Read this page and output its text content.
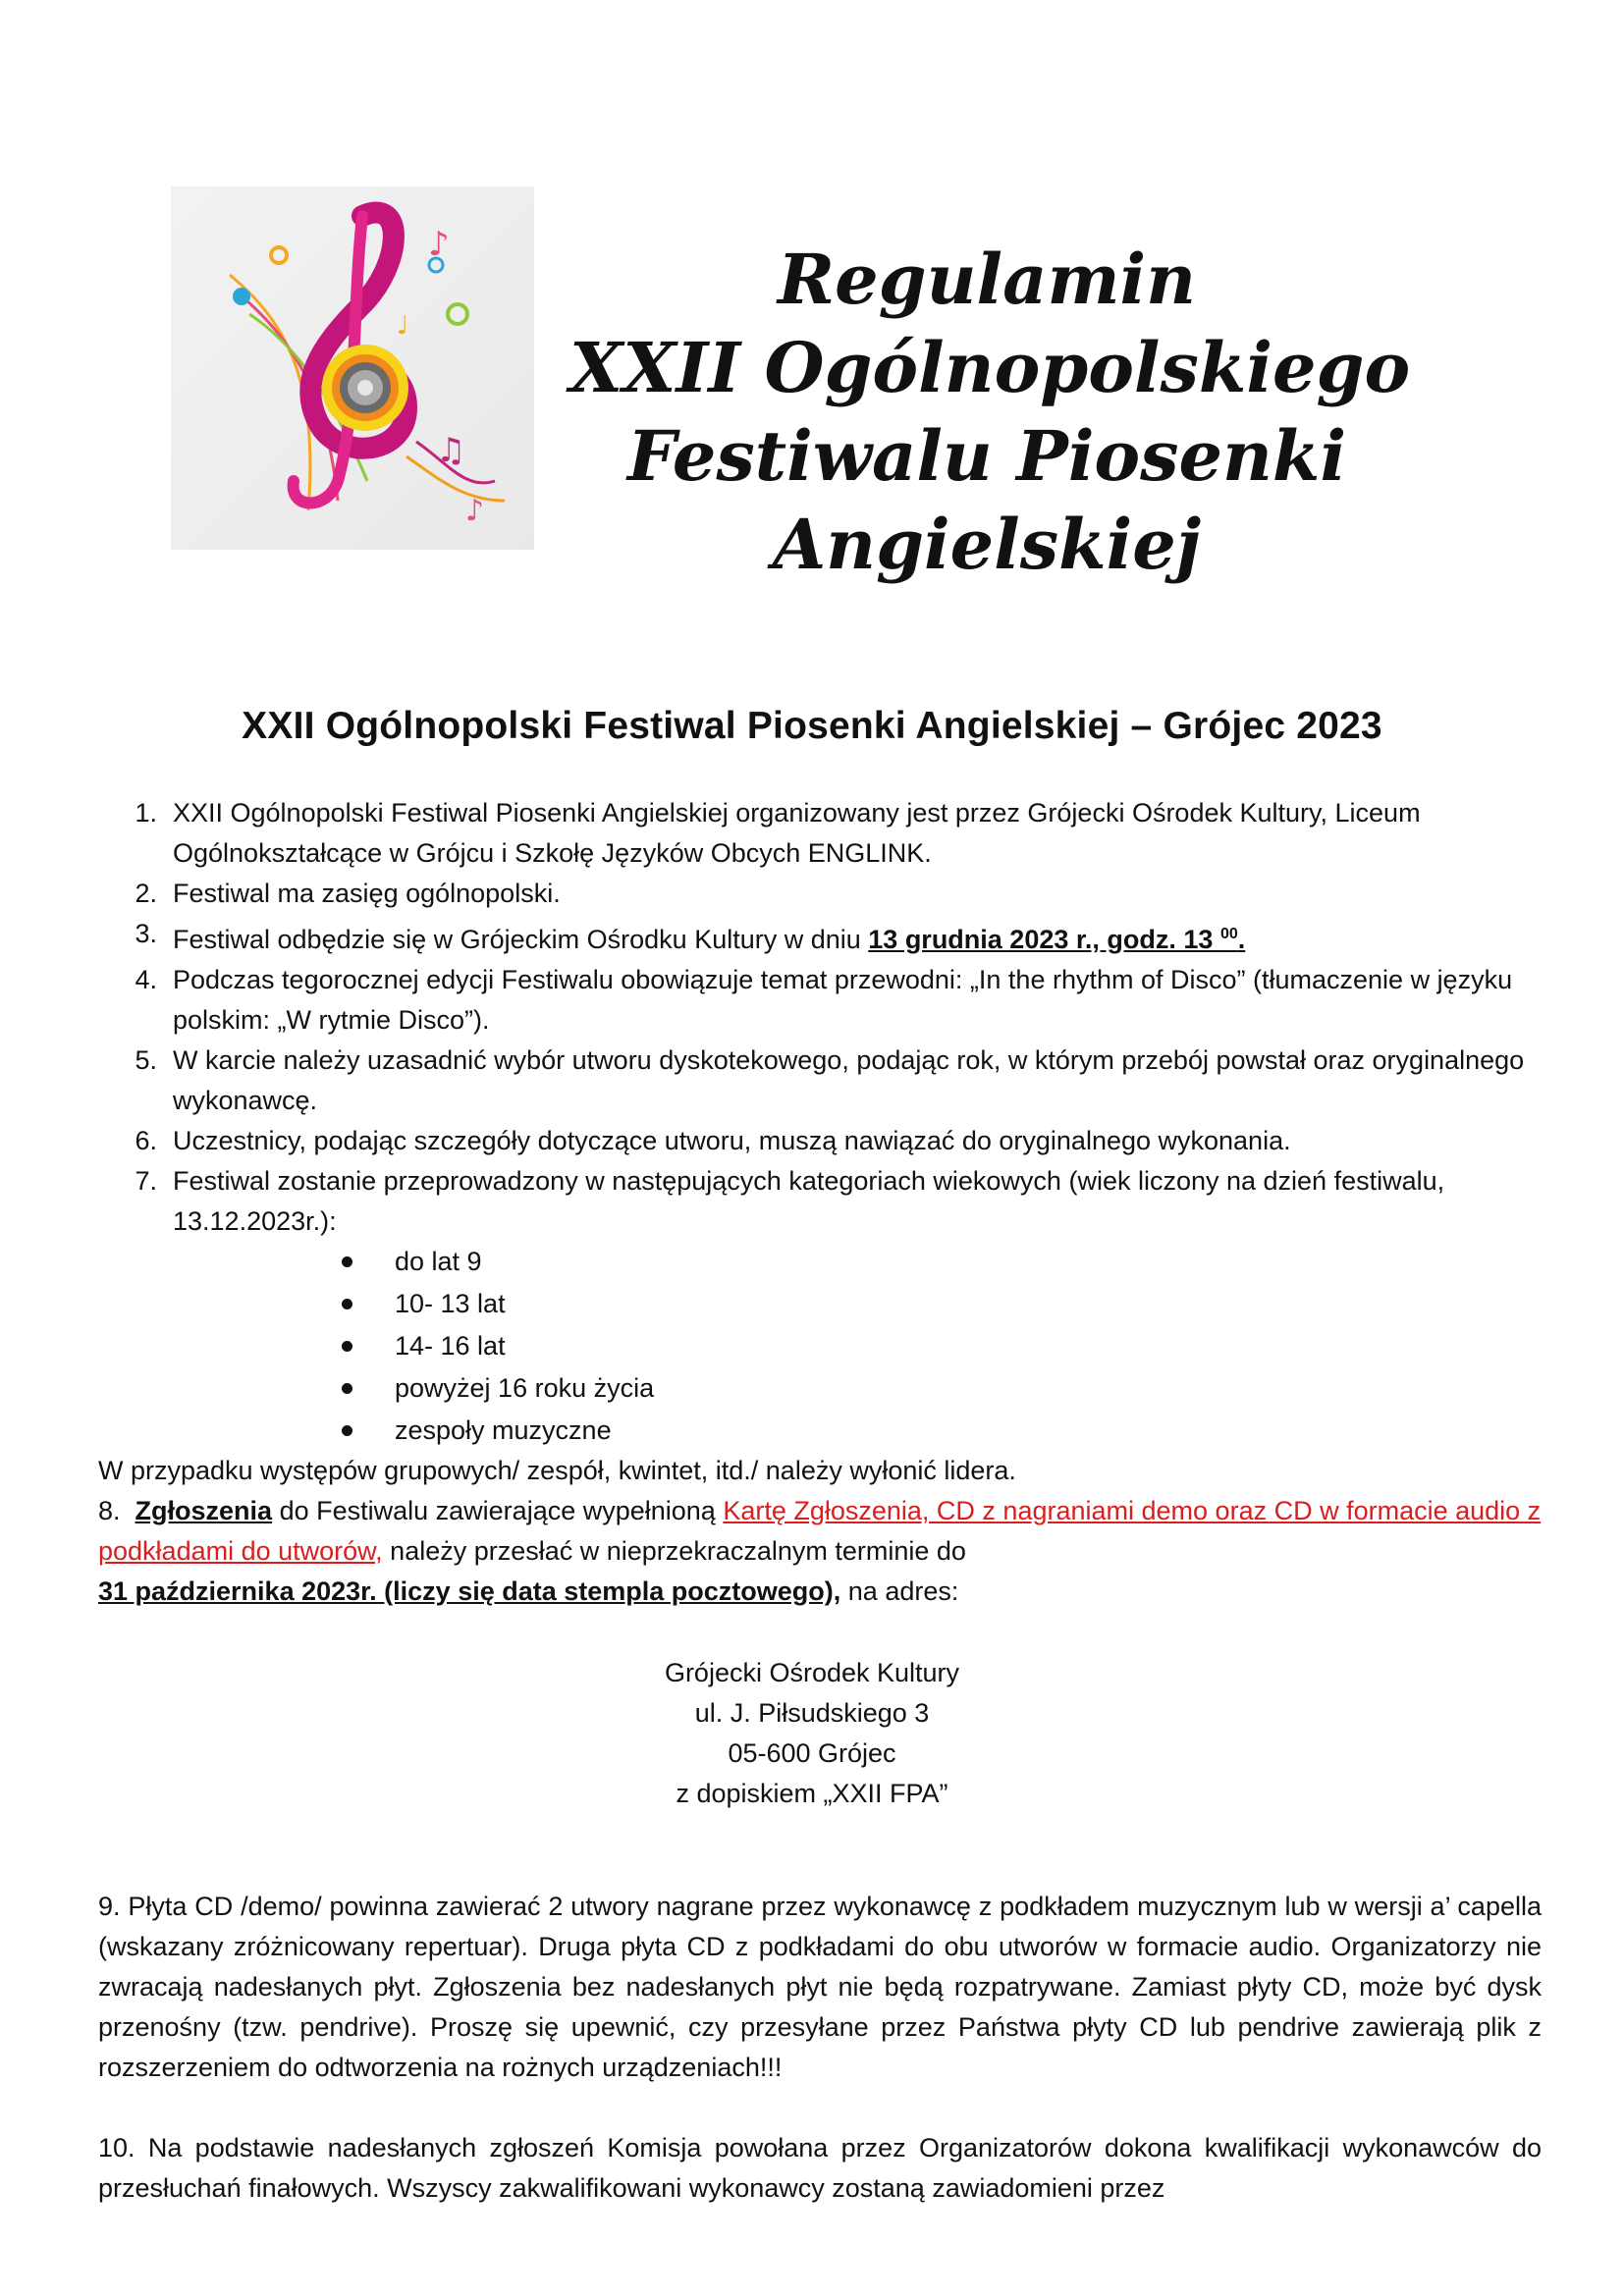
♪
♫
♪
♩
Regulamin
XXII Ogólnopolskiego
Festiwalu Piosenki
Angielskiej
XXII Ogólnopolski Festiwal Piosenki Angielskiej – Grójec 2023
1. XXII Ogólnopolski Festiwal Piosenki Angielskiej organizowany jest przez Grójecki Ośrodek Kultury, Liceum Ogólnokształcące w Grójcu i Szkołę Języków Obcych ENGLINK.
2. Festiwal ma zasięg ogólnopolski.
3. Festiwal odbędzie się w Grójeckim Ośrodku Kultury w dniu 13 grudnia 2023 r., godz. 13 $^{00}$.
4. Podczas tegorocznej edycji Festiwalu obowiązuje temat przewodni: „In the rhythm of Disco” (tłumaczenie w języku polskim: „W rytmie Disco”).
5. W karcie należy uzasadnić wybór utworu dyskotekowego, podając rok, w którym przebój powstał oraz oryginalnego wykonawcę.
6. Uczestnicy, podając szczegóły dotyczące utworu, muszą nawiązać do oryginalnego wykonania.
7. Festiwal zostanie przeprowadzony w następujących kategoriach wiekowych (wiek liczony na dzień festiwalu, 13.12.2023r.):
do lat 9
10- 13 lat
14- 16 lat
powyżej 16 roku życia
zespoły muzyczne
W przypadku występów grupowych/ zespół, kwintet, itd./ należy wyłonić lidera.
8. Zgłoszenia do Festiwalu zawierające wypełnioną Kartę Zgłoszenia, CD z nagraniami demo oraz CD w formacie audio z podkładami do utworów, należy przesłać w nieprzekraczalnym terminie do
31 października 2023r. (liczy się data stempla pocztowego), na adres:
Grójecki Ośrodek Kultury
ul. J. Piłsudskiego 3
05-600 Grójec
z dopiskiem „XXII FPA”
9. Płyta CD /demo/ powinna zawierać 2 utwory nagrane przez wykonawcę z podkładem muzycznym lub w wersji a’ capella (wskazany zróżnicowany repertuar). Druga płyta CD z podkładami do obu utworów w formacie audio. Organizatorzy nie zwracają nadesłanych płyt. Zgłoszenia bez nadesłanych płyt nie będą rozpatrywane. Zamiast płyty CD, może być dysk przenośny (tzw. pendrive). Proszę się upewnić, czy przesyłane przez Państwa płyty CD lub pendrive zawierają plik z rozszerzeniem do odtworzenia na rożnych urządzeniach!!!
10. Na podstawie nadesłanych zgłoszeń Komisja powołana przez Organizatorów dokona kwalifikacji wykonawców do przesłuchań finałowych. Wszyscy zakwalifikowani wykonawcy zostaną zawiadomieni przez
